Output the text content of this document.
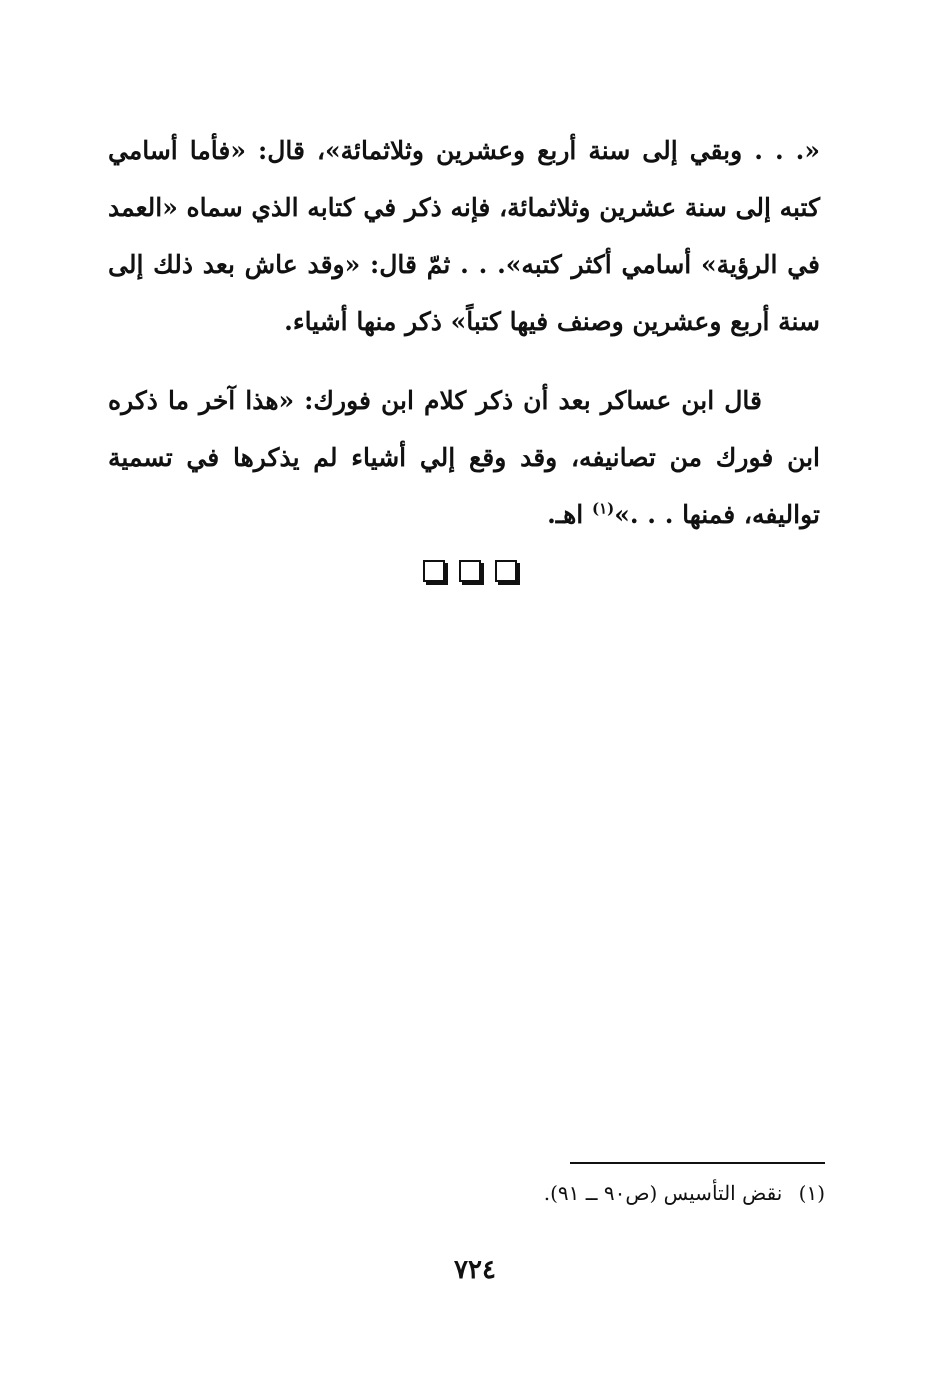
«. . . وبقي إلى سنة أربع وعشرين وثلاثمائة»، قال: «فأما أسامي كتبه إلى سنة عشرين وثلاثمائة، فإنه ذكر في كتابه الذي سماه «العمد في الرؤية» أسامي أكثر كتبه». . . ثمّ قال: «وقد عاش بعد ذلك إلى سنة أربع وعشرين وصنف فيها كتباً» ذكر منها أشياء.

قال ابن عساكر بعد أن ذكر كلام ابن فورك: «هذا آخر ما ذكره ابن فورك من تصانيفه، وقد وقع إلي أشياء لم يذكرها في تسمية تواليفه، فمنها . . .»$^{(١)}$ اهـ.

(١) نقض التأسيس (ص٩٠ ــ ٩١).
٧٢٤
